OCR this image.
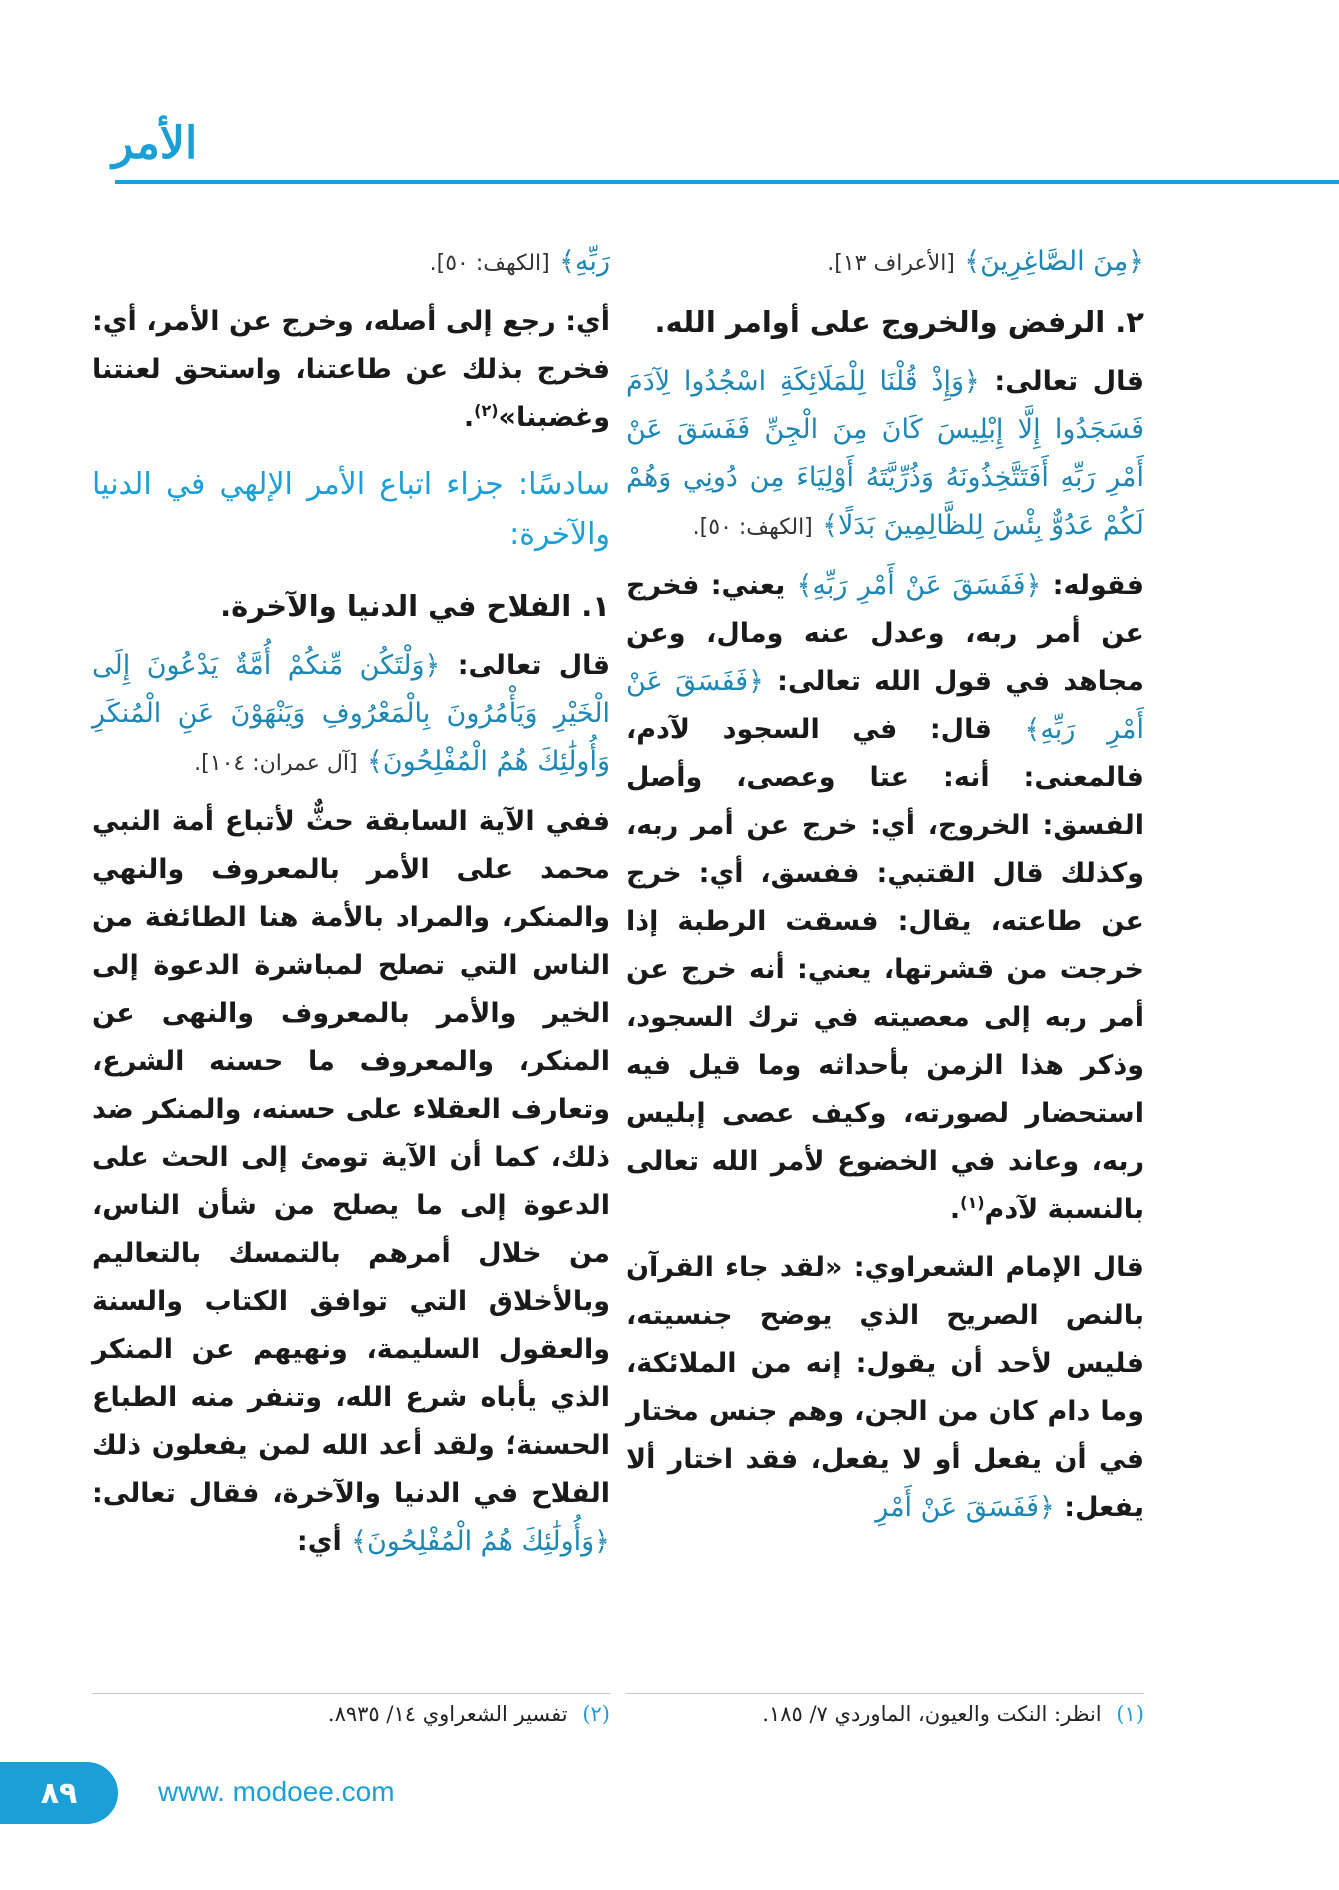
الأمر

﴿مِنَ الصَّاغِرِينَ﴾ [الأعراف ١٣].

٢. الرفض والخروج على أوامر الله.

قال تعالى: ﴿وَإِذْ قُلْنَا لِلْمَلَائِكَةِ اسْجُدُوا لِآدَمَ فَسَجَدُوا إِلَّا إِبْلِيسَ كَانَ مِنَ الْجِنِّ فَفَسَقَ عَنْ أَمْرِ رَبِّهِ أَفَتَتَّخِذُونَهُ وَذُرِّيَّتَهُ أَوْلِيَاءَ مِن دُونِي وَهُمْ لَكُمْ عَدُوٌّ بِئْسَ لِلظَّالِمِينَ بَدَلًا﴾ [الكهف: ٥٠].

فقوله: ﴿فَفَسَقَ عَنْ أَمْرِ رَبِّهِ﴾ يعني: فخرج عن أمر ربه، وعدل عنه ومال، وعن مجاهد في قول الله تعالى: ﴿فَفَسَقَ عَنْ أَمْرِ رَبِّهِ﴾ قال: في السجود لآدم، فالمعنى: أنه: عتا وعصى، وأصل الفسق: الخروج، أي: خرج عن أمر ربه، وكذلك قال القتبي: ففسق، أي: خرج عن طاعته، يقال: فسقت الرطبة إذا خرجت من قشرتها، يعني: أنه خرج عن أمر ربه إلى معصيته في ترك السجود، وذكر هذا الزمن بأحداثه وما قيل فيه استحضار لصورته، وكيف عصى إبليس ربه، وعاند في الخضوع لأمر الله تعالى بالنسبة لآدم$^{(١)}$.

قال الإمام الشعراوي: «لقد جاء القرآن بالنص الصريح الذي يوضح جنسيته، فليس لأحد أن يقول: إنه من الملائكة، وما دام كان من الجن، وهم جنس مختار في أن يفعل أو لا يفعل، فقد اختار ألا يفعل: ﴿فَفَسَقَ عَنْ أَمْرِ

رَبِّهِ﴾ [الكهف: ٥٠].

أي: رجع إلى أصله، وخرج عن الأمر، أي: فخرج بذلك عن طاعتنا، واستحق لعنتنا وغضبنا»$^{(٢)}$.

سادسًا: جزاء اتباع الأمر الإلهي في الدنيا والآخرة:

١. الفلاح في الدنيا والآخرة.

قال تعالى: ﴿وَلْتَكُن مِّنكُمْ أُمَّةٌ يَدْعُونَ إِلَى الْخَيْرِ وَيَأْمُرُونَ بِالْمَعْرُوفِ وَيَنْهَوْنَ عَنِ الْمُنكَرِ وَأُولَٰئِكَ هُمُ الْمُفْلِحُونَ﴾ [آل عمران: ١٠٤].

ففي الآية السابقة حثٌّ لأتباع أمة النبي محمد على الأمر بالمعروف والنهي والمنكر، والمراد بالأمة هنا الطائفة من الناس التي تصلح لمباشرة الدعوة إلى الخير والأمر بالمعروف والنهى عن المنكر، والمعروف ما حسنه الشرع، وتعارف العقلاء على حسنه، والمنكر ضد ذلك، كما أن الآية تومئ إلى الحث على الدعوة إلى ما يصلح من شأن الناس، من خلال أمرهم بالتمسك بالتعاليم وبالأخلاق التي توافق الكتاب والسنة والعقول السليمة، ونهيهم عن المنكر الذي يأباه شرع الله، وتنفر منه الطباع الحسنة؛ ولقد أعد الله لمن يفعلون ذلك الفلاح في الدنيا والآخرة، فقال تعالى: ﴿وَأُولَٰئِكَ هُمُ الْمُفْلِحُونَ﴾ أي:

(١) انظر: النكت والعيون، الماوردي ٧/ ١٨٥.
(٢) تفسير الشعراوي ١٤/ ٨٩٣٥.
٨٩	www. modoee.com
